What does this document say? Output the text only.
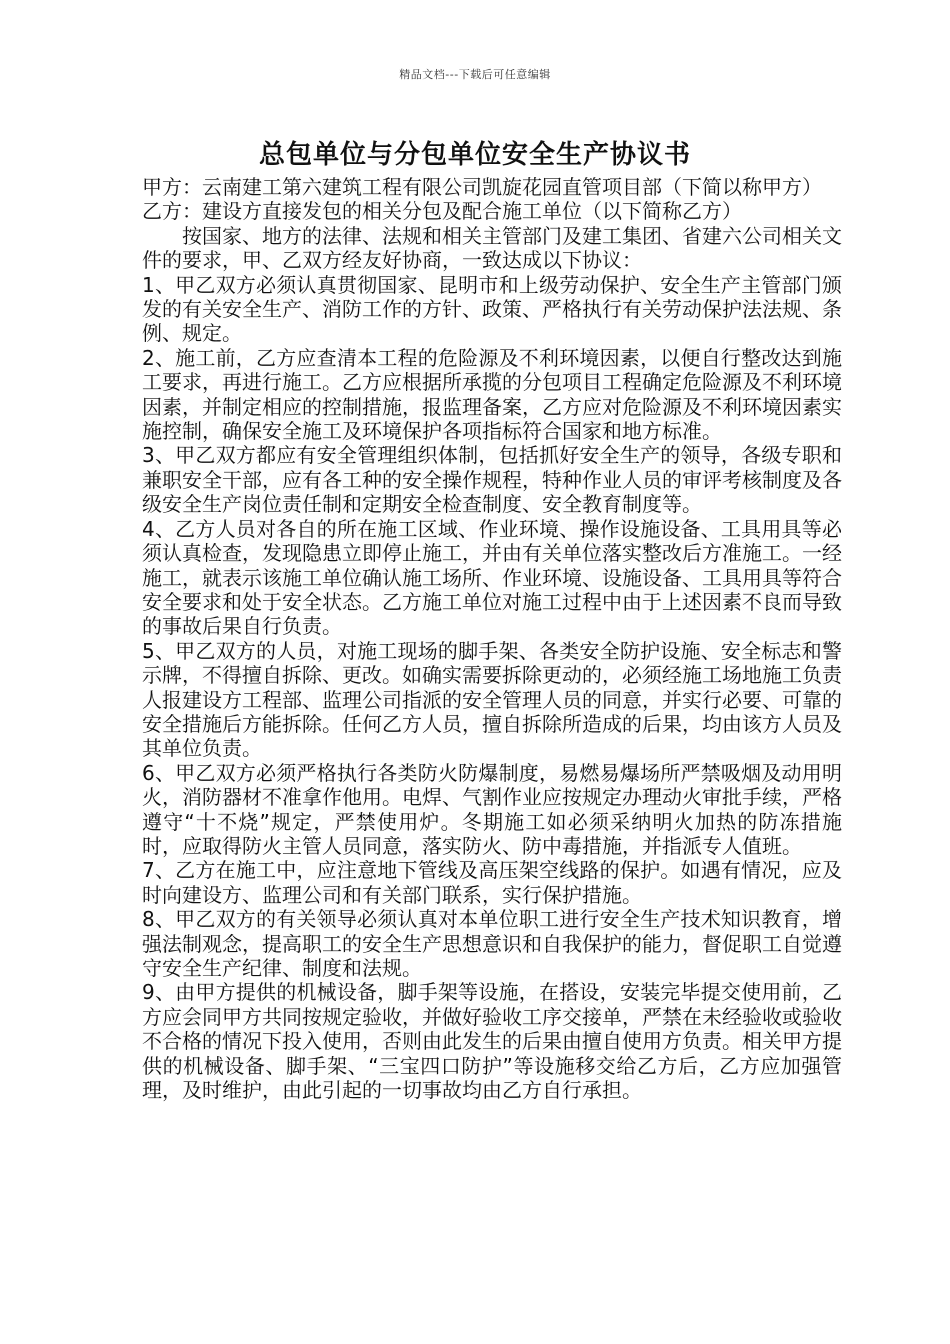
精品文档---下载后可任意编辑
总包单位与分包单位安全生产协议书

甲方：云南建工第六建筑工程有限公司凯旋花园直管项目部（下简以称甲方）

乙方：建设方直接发包的相关分包及配合施工单位（以下简称乙方）

按国家、地方的法律、法规和相关主管部门及建工集团、省建六公司相关文件的要求，甲、乙双方经友好协商，一致达成以下协议：

1、甲乙双方必须认真贯彻国家、昆明市和上级劳动保护、安全生产主管部门颁发的有关安全生产、消防工作的方针、政策、严格执行有关劳动保护法法规、条例、规定。

2、施工前，乙方应查清本工程的危险源及不利环境因素，以便自行整改达到施工要求，再进行施工。乙方应根据所承揽的分包项目工程确定危险源及不利环境因素，并制定相应的控制措施，报监理备案，乙方应对危险源及不利环境因素实施控制，确保安全施工及环境保护各项指标符合国家和地方标准。

3、甲乙双方都应有安全管理组织体制，包括抓好安全生产的领导，各级专职和兼职安全干部，应有各工种的安全操作规程，特种作业人员的审评考核制度及各级安全生产岗位责任制和定期安全检查制度、安全教育制度等。

4、乙方人员对各自的所在施工区域、作业环境、操作设施设备、工具用具等必须认真检查，发现隐患立即停止施工，并由有关单位落实整改后方准施工。一经施工，就表示该施工单位确认施工场所、作业环境、设施设备、工具用具等符合安全要求和处于安全状态。乙方施工单位对施工过程中由于上述因素不良而导致的事故后果自行负责。

5、甲乙双方的人员，对施工现场的脚手架、各类安全防护设施、安全标志和警示牌，不得擅自拆除、更改。如确实需要拆除更动的，必须经施工场地施工负责人报建设方工程部、监理公司指派的安全管理人员的同意，并实行必要、可靠的安全措施后方能拆除。任何乙方人员，擅自拆除所造成的后果，均由该方人员及其单位负责。

6、甲乙双方必须严格执行各类防火防爆制度，易燃易爆场所严禁吸烟及动用明火，消防器材不准拿作他用。电焊、气割作业应按规定办理动火审批手续，严格遵守“十不烧”规定，严禁使用炉。冬期施工如必须采纳明火加热的防冻措施时，应取得防火主管人员同意，落实防火、防中毒措施，并指派专人值班。

7、乙方在施工中，应注意地下管线及高压架空线路的保护。如遇有情况，应及时向建设方、监理公司和有关部门联系，实行保护措施。

8、甲乙双方的有关领导必须认真对本单位职工进行安全生产技术知识教育，增强法制观念，提高职工的安全生产思想意识和自我保护的能力，督促职工自觉遵守安全生产纪律、制度和法规。

9、由甲方提供的机械设备，脚手架等设施，在搭设，安装完毕提交使用前，乙方应会同甲方共同按规定验收，并做好验收工序交接单，严禁在未经验收或验收不合格的情况下投入使用，否则由此发生的后果由擅自使用方负责。相关甲方提供的机械设备、脚手架、“三宝四口防护”等设施移交给乙方后，乙方应加强管理，及时维护，由此引起的一切事故均由乙方自行承担。
